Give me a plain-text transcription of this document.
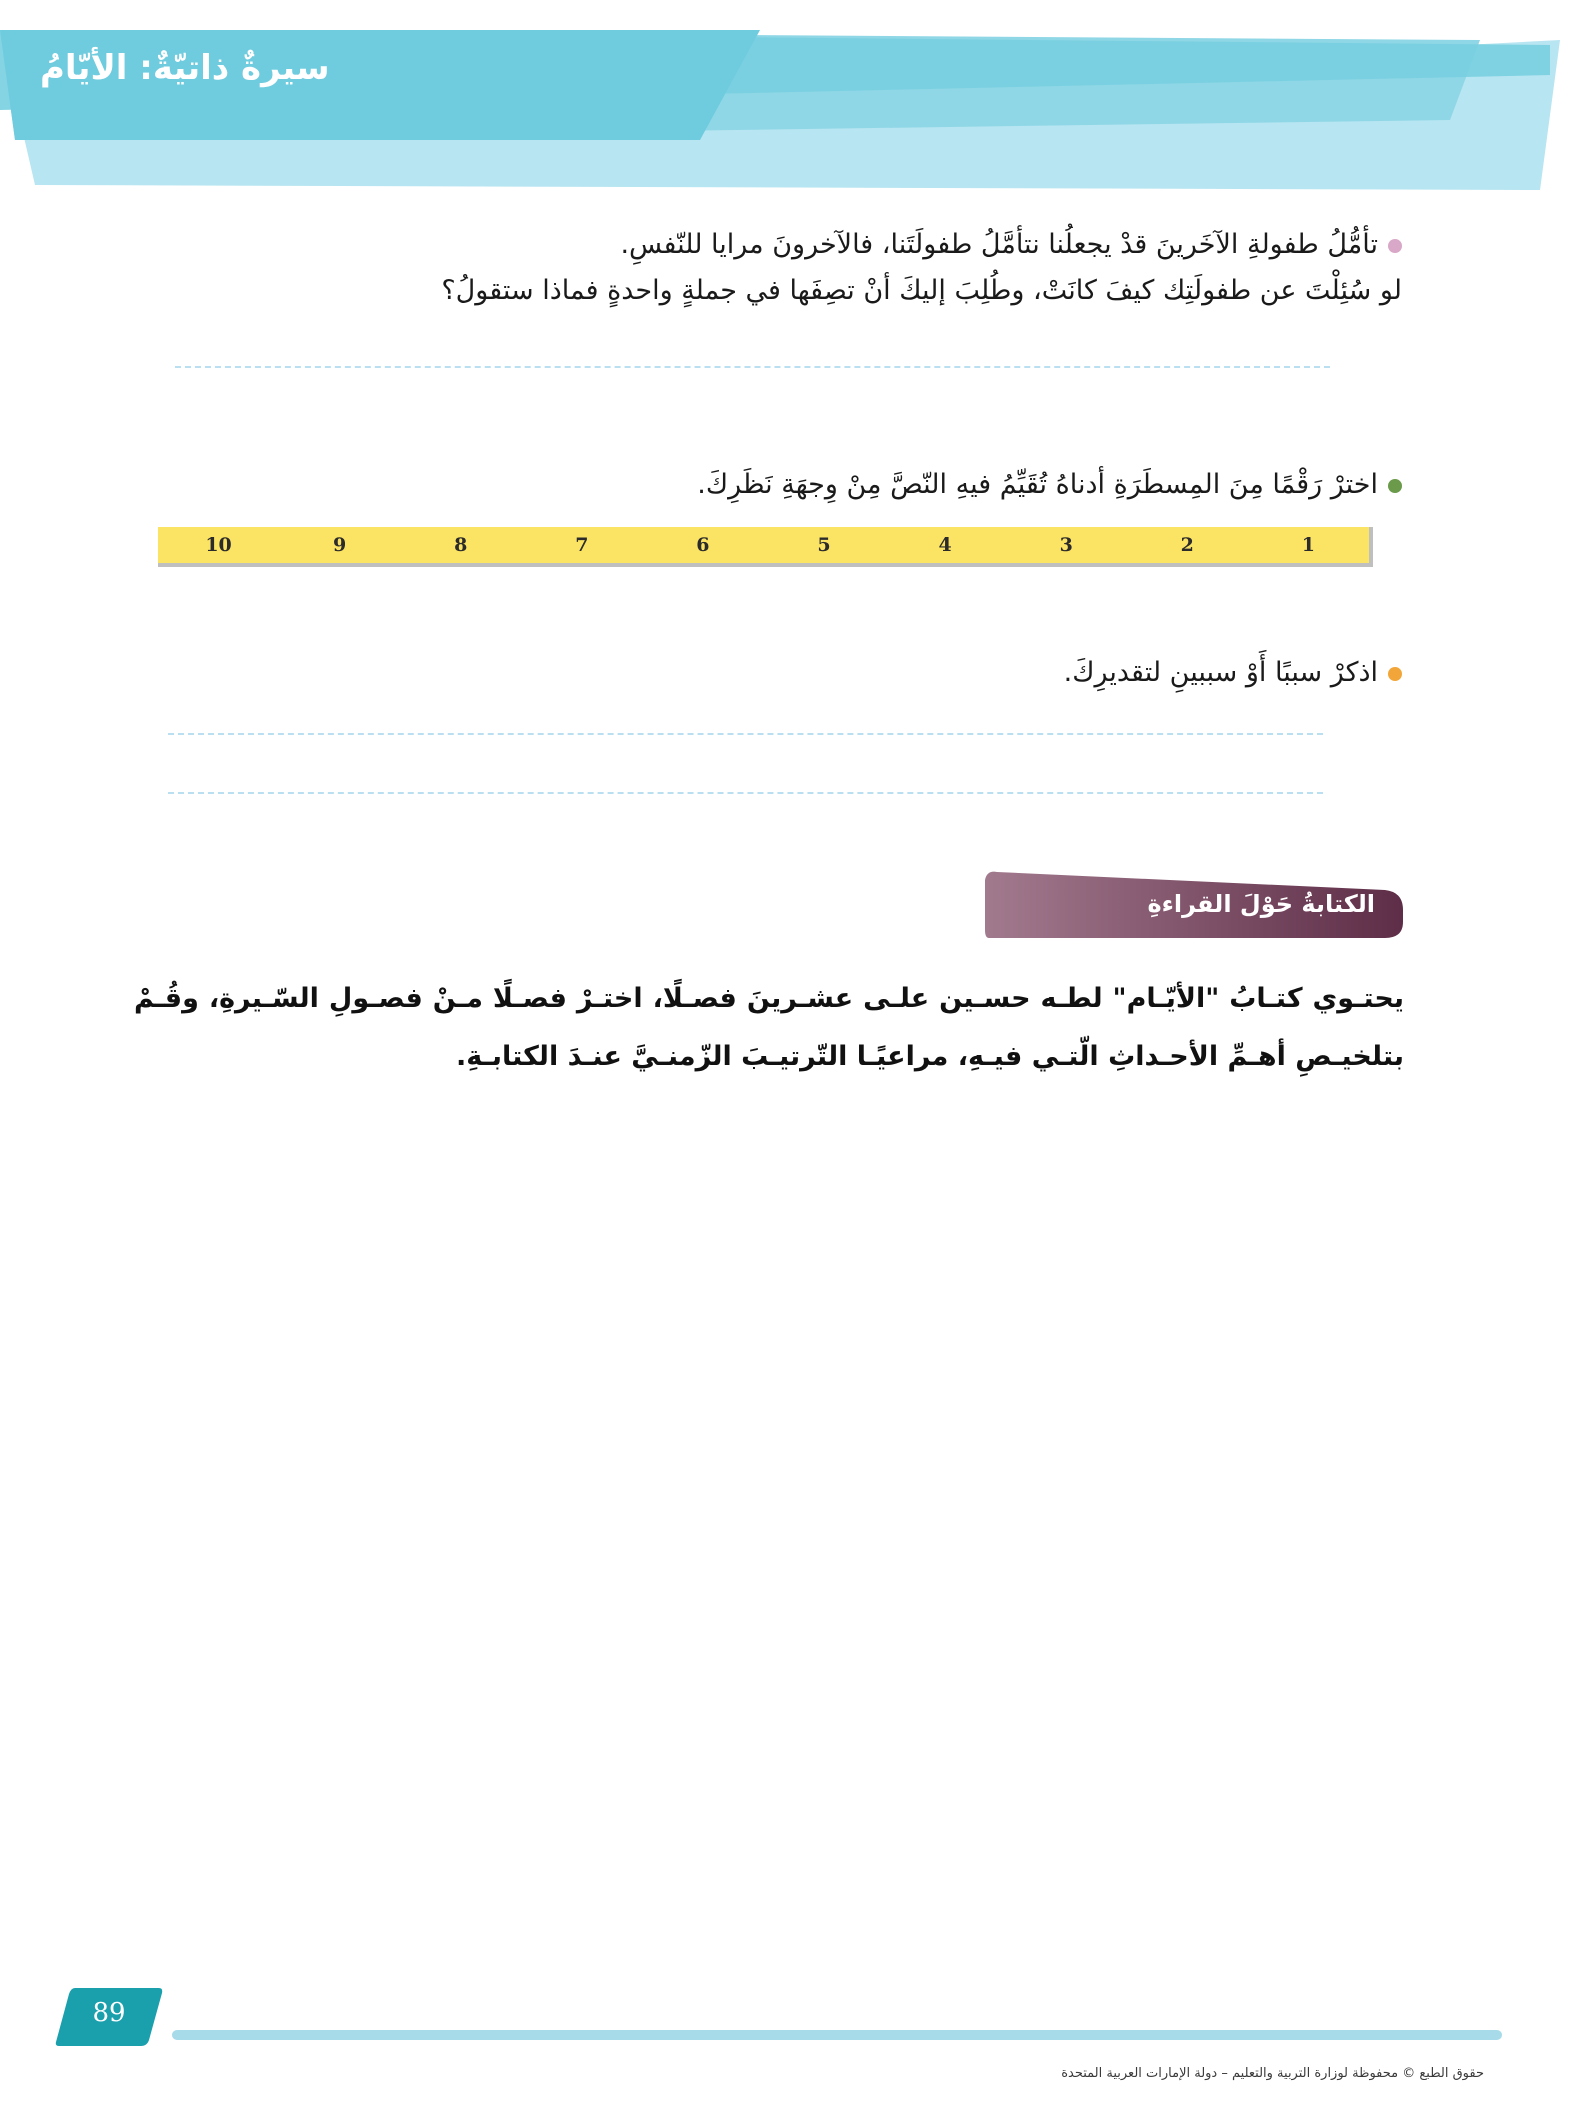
سيرةٌ ذاتيّةٌ: الأيّامُ
تأمُّلُ طفولةِ الآخَرينَ قدْ يجعلُنا نتأمَّلُ طفولَتَنا، فالآخرونَ مرايا للنّفسِ.
لو سُئِلْتَ عن طفولَتِك كيفَ كانَتْ، وطُلِبَ إليكَ أنْ تصِفَها في جملةٍ واحدةٍ فماذا ستقولُ؟
اخترْ رَقْمًا مِنَ المِسطَرَةِ أدناهُ تُقَيِّمُ فيهِ النّصَّ مِنْ وِجهَةِ نَظَرِكَ.
10	9	8	7	6	5	4	3	2	1
اذكرْ سببًا أَوْ سببينِ لتقديرِكَ.
الكتابةُ حَوْلَ القراءةِ
يحتـوي كتـابُ "الأيّـام" لطـه حسـين علـى عشـرينَ فصـلًا، اختـرْ فصـلًا مـنْ فصـولِ السّـيرةِ، وقُـمْ بتلخيـصِ أهـمِّ الأحـداثِ الّتـي فيـهِ، مراعيًـا التّرتيـبَ الزّمنـيَّ عنـدَ الكتابـةِ.
89
حقوق الطبع © محفوظة لوزارة التربية والتعليم – دولة الإمارات العربية المتحدة
